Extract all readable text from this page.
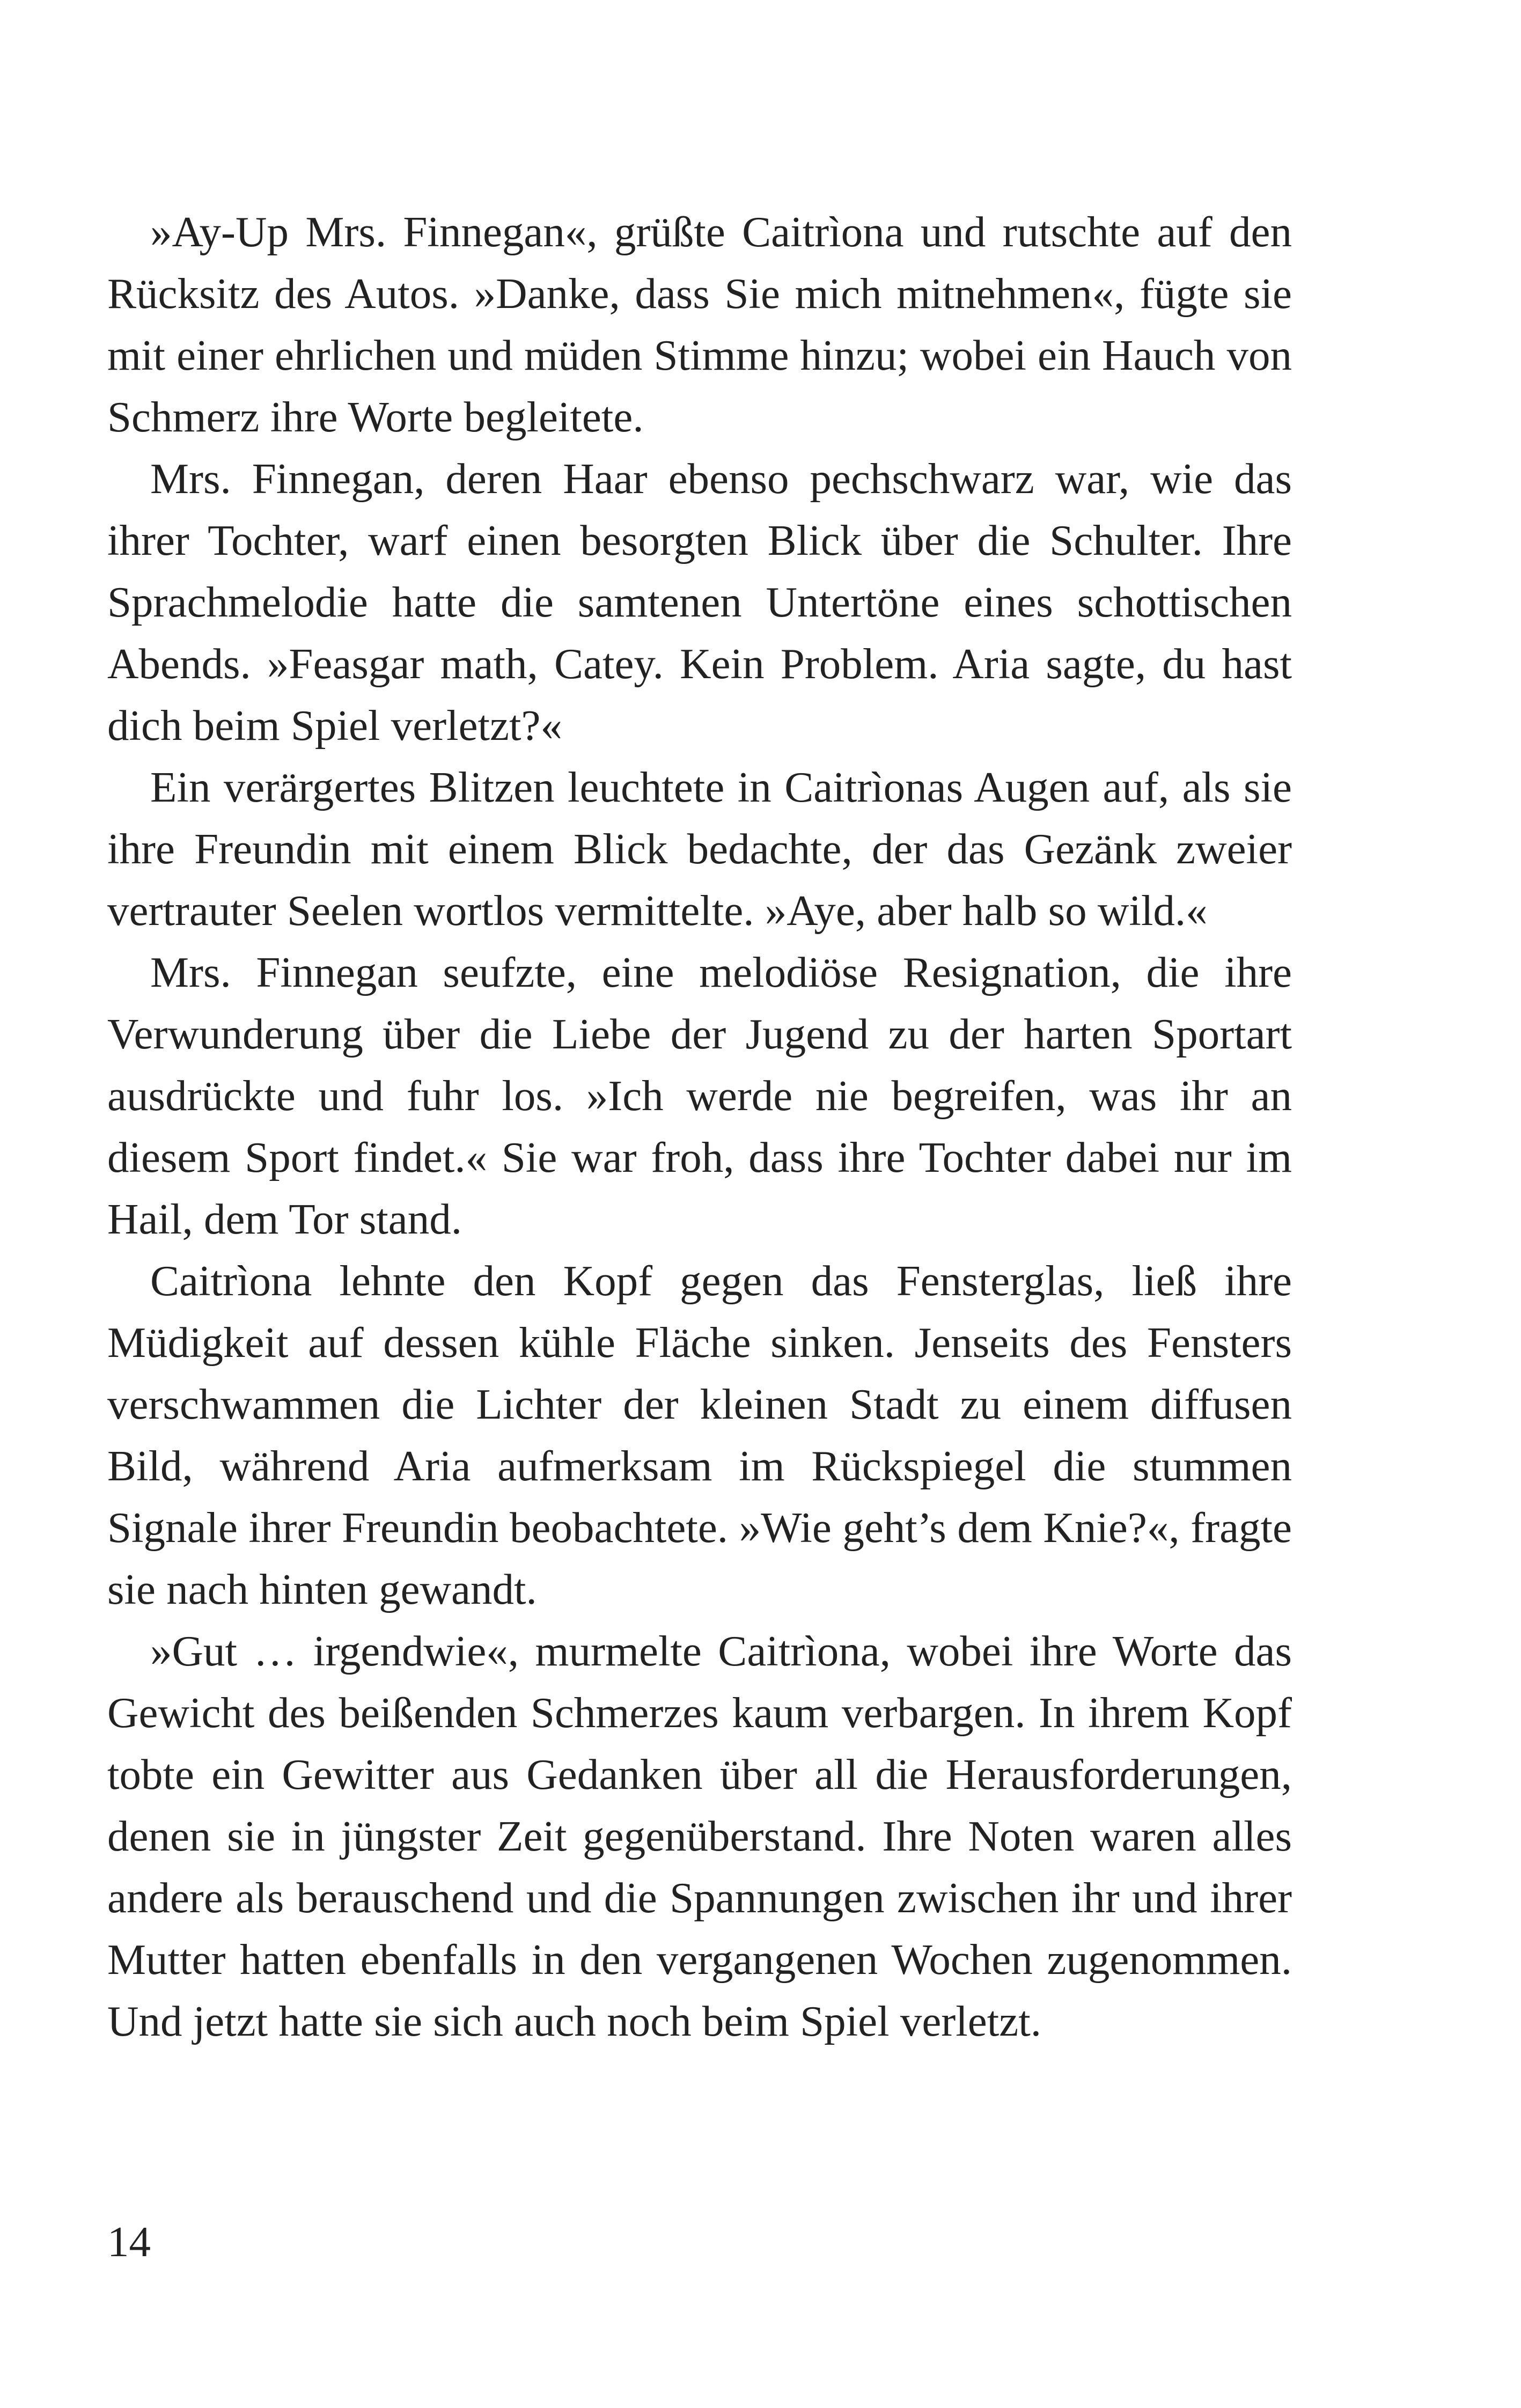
»Ay-Up Mrs. Finnegan«, grüßte Caitrìona und rutschte auf den Rücksitz des Autos. »Danke, dass Sie mich mitnehmen«, fügte sie mit einer ehrlichen und müden Stimme hinzu; wobei ein Hauch von Schmerz ihre Worte begleitete.

Mrs. Finnegan, deren Haar ebenso pechschwarz war, wie das ihrer Tochter, warf einen besorgten Blick über die Schulter. Ihre Sprachmelodie hatte die samtenen Untertöne eines schottischen Abends. »Feasgar math, Catey. Kein Problem. Aria sagte, du hast dich beim Spiel verletzt?«

Ein verärgertes Blitzen leuchtete in Caitrìonas Augen auf, als sie ihre Freundin mit einem Blick bedachte, der das Gezänk zweier vertrauter Seelen wortlos vermittelte. »Aye, aber halb so wild.«

Mrs. Finnegan seufzte, eine melodiöse Resignation, die ihre Verwunderung über die Liebe der Jugend zu der harten Sportart ausdrückte und fuhr los. »Ich werde nie begreifen, was ihr an diesem Sport findet.« Sie war froh, dass ihre Tochter dabei nur im Hail, dem Tor stand.

Caitrìona lehnte den Kopf gegen das Fensterglas, ließ ihre Müdigkeit auf dessen kühle Fläche sinken. Jenseits des Fensters verschwammen die Lichter der kleinen Stadt zu einem diffusen Bild, während Aria aufmerksam im Rückspiegel die stummen Signale ihrer Freundin beobachtete. »Wie geht’s dem Knie?«, fragte sie nach hinten gewandt.

»Gut … irgendwie«, murmelte Caitrìona, wobei ihre Worte das Gewicht des beißenden Schmerzes kaum verbargen. In ihrem Kopf tobte ein Gewitter aus Gedanken über all die Herausforderungen, denen sie in jüngster Zeit gegenüberstand. Ihre Noten waren alles andere als berauschend und die Spannungen zwischen ihr und ihrer Mutter hatten ebenfalls in den vergangenen Wochen zugenommen. Und jetzt hatte sie sich auch noch beim Spiel verletzt.

14
